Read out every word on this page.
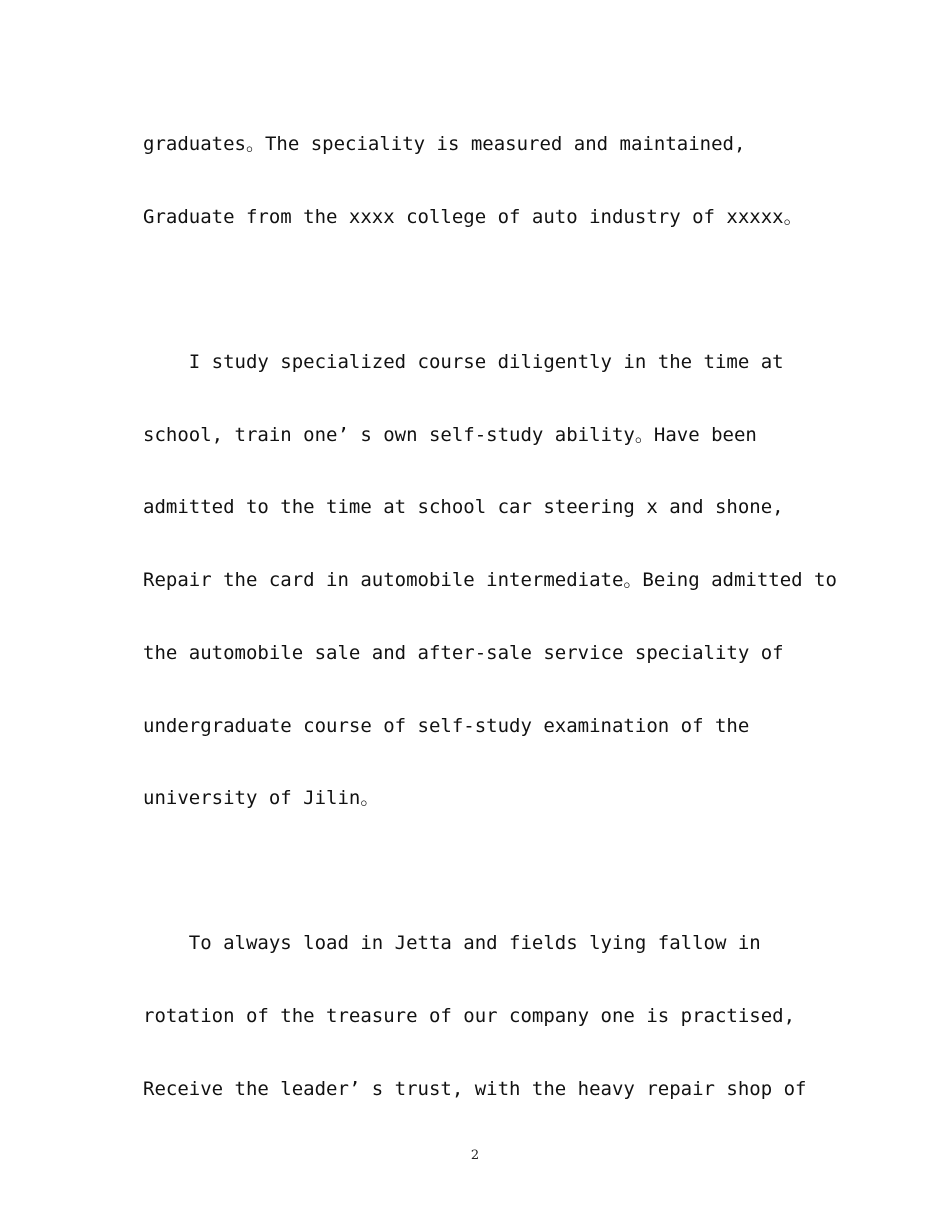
graduates。The speciality is measured and maintained,

Graduate from the xxxx college of auto industry of xxxxx。

I study specialized course diligently in the time at

school, train one’ s own self-study ability。Have been

admitted to the time at school car steering x and shone,

Repair the card in automobile intermediate。Being admitted to

the automobile sale and after-sale service speciality of

undergraduate course of self-study examination of the

university of Jilin。

To always load in Jetta and fields lying fallow in

rotation of the treasure of our company one is practised,

Receive the leader’ s trust, with the heavy repair shop of

2
